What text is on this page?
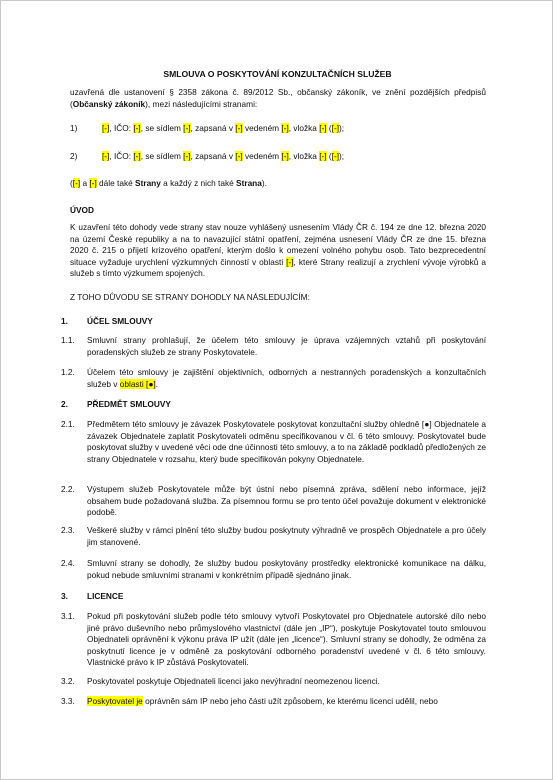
SMLOUVA O POSKYTOVÁNÍ KONZULTAČNÍCH SLUŽEB

uzavřená dle ustanovení § 2358 zákona č. 89/2012 Sb., občanský zákoník, ve znění pozdějších předpisů (Občanský zákoník), mezi následujícími stranami:

1)	[-], IČO: [-], se sídlem [-], zapsaná v [-] vedeném [-], vložka [-] ([-]);

2)	[-], IČO: [-], se sídlem [-], zapsaná v [-] vedeném [-], vložka [-] ([-]);

([-] a [-] dále také Strany a každý z nich také Strana).

ÚVOD

K uzavření této dohody vede strany stav nouze vyhlášený usnesením Vlády ČR č. 194 ze dne 12. března 2020 na území České republiky a na to navazující státní opatření, zejména usnesení Vlády ČR ze dne 15. března 2020 č. 215 o přijetí krizového opatření, kterým došlo k omezení volného pohybu osob. Tato bezprecedentní situace vyžaduje urychlení výzkumných činností v oblasti [-], které Strany realizují a zrychlení vývoje výrobků a služeb s tímto výzkumem spojených.

Z TOHO DŮVODU SE STRANY DOHODLY NA NÁSLEDUJÍCÍM:
1. ÚČEL SMLOUVY
1.1. Smluvní strany prohlašují, že účelem této smlouvy je úprava vzájemných vztahů při poskytování poradenských služeb ze strany Poskytovatele.

1.2. Účelem této smlouvy je zajištění objektivních, odborných a nestranných poradenských a konzultačních služeb v oblasti [●].

2. PŘEDMĚT SMLOUVY
2.1. Předmětem této smlouvy je závazek Poskytovatele poskytovat konzultační služby ohledně [●] Objednatele a závazek Objednatele zaplatit Poskytovateli odměnu specifikovanou v čl. 6 této smlouvy. Poskytovatel bude poskytovat služby v uvedené věci ode dne účinnosti této smlouvy, a to na základě podkladů předložených ze strany Objednatele v rozsahu, který bude specifikován pokyny Objednatele.

2.2. Výstupem služeb Poskytovatele může být ústní nebo písemná zpráva, sdělení nebo informace, jejíž obsahem bude požadovaná služba. Za písemnou formu se pro tento účel považuje dokument v elektronické podobě.

2.3. Veškeré služby v rámci plnění této služby budou poskytnuty výhradně ve prospěch Objednatele a pro účely jim stanovené.

2.4. Smluvní strany se dohodly, že služby budou poskytovány prostředky elektronické komunikace na dálku, pokud nebude smluvními stranami v konkrétním případě sjednáno jinak.

3. LICENCE
3.1. Pokud při poskytování služeb podle této smlouvy vytvoří Poskytovatel pro Objednatele autorské dílo nebo jiné právo duševního nebo průmyslového vlastnictví (dále jen „IP“), poskytuje Poskytovatel touto smlouvou Objednateli oprávnění k výkonu práva IP užít (dále jen „licence“). Smluvní strany se dohodly, že odměna za poskytnutí licence je v odměně za poskytování odborného poradenství uvedené v čl. 6 této smlouvy. Vlastnické právo k IP zůstává Poskytovateli.

3.2. Poskytovatel poskytuje Objednateli licenci jako nevýhradní neomezenou licenci.

3.3. Poskytovatel je oprávněn sám IP nebo jeho části užít způsobem, ke kterému licenci udělil, nebo
